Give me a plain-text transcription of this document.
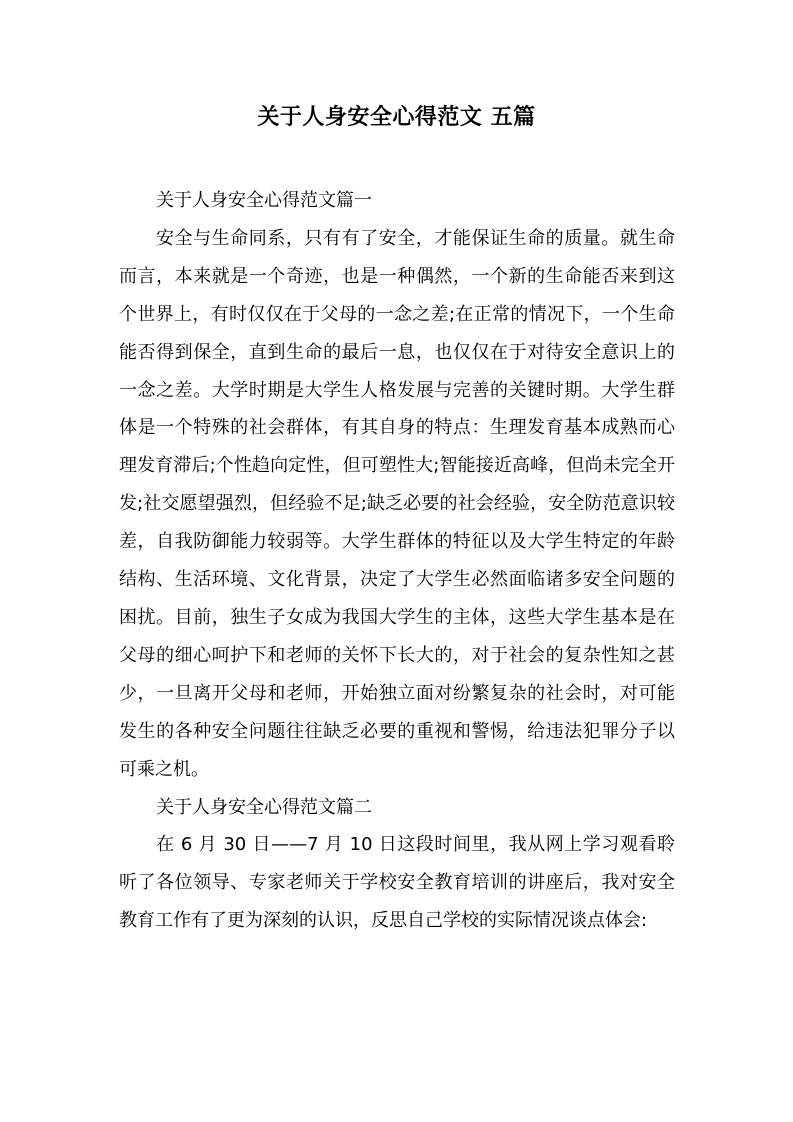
关于人身安全心得范文 五篇

关于人身安全心得范文篇一

安全与生命同系，只有有了安全，才能保证生命的质量。就生命而言，本来就是一个奇迹，也是一种偶然，一个新的生命能否来到这个世界上，有时仅仅在于父母的一念之差;在正常的情况下，一个生命能否得到保全，直到生命的最后一息，也仅仅在于对待安全意识上的一念之差。大学时期是大学生人格发展与完善的关键时期。大学生群体是一个特殊的社会群体，有其自身的特点：生理发育基本成熟而心理发育滞后;个性趋向定性，但可塑性大;智能接近高峰，但尚未完全开发;社交愿望强烈，但经验不足;缺乏必要的社会经验，安全防范意识较差，自我防御能力较弱等。大学生群体的特征以及大学生特定的年龄结构、生活环境、文化背景，决定了大学生必然面临诸多安全问题的困扰。目前，独生子女成为我国大学生的主体，这些大学生基本是在父母的细心呵护下和老师的关怀下长大的，对于社会的复杂性知之甚少，一旦离开父母和老师，开始独立面对纷繁复杂的社会时，对可能发生的各种安全问题往往缺乏必要的重视和警惕，给违法犯罪分子以可乘之机。

关于人身安全心得范文篇二

在 6 月 30 日——7 月 10 日这段时间里，我从网上学习观看聆听了各位领导、专家老师关于学校安全教育培训的讲座后，我对安全教育工作有了更为深刻的认识，反思自己学校的实际情况谈点体会:
